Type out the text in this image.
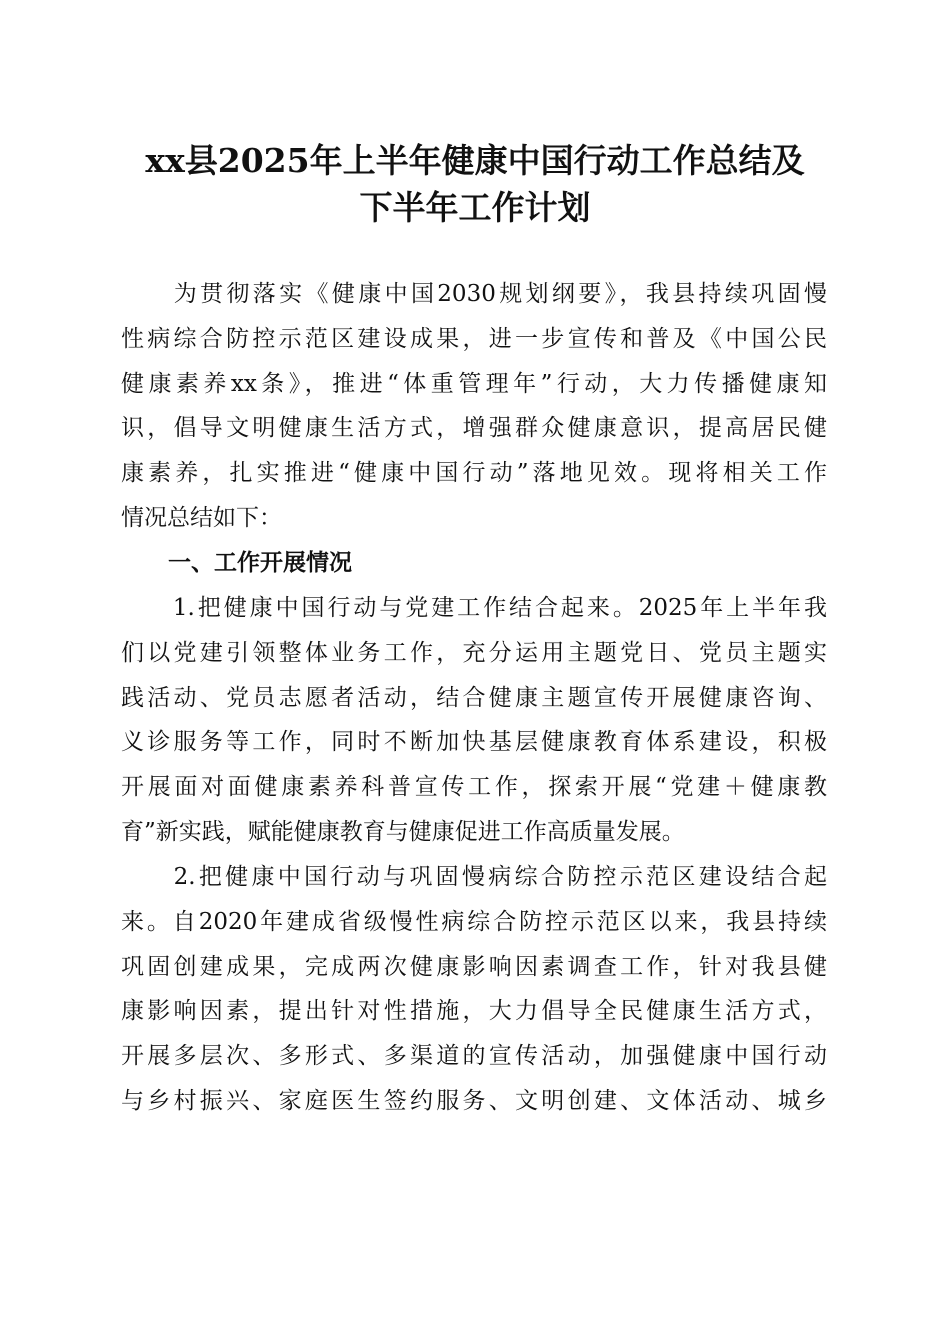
xx县2025年上半年健康中国行动工作总结及
下半年工作计划
　　为贯彻落实《健康中国2030规划纲要》，我县持续巩固慢
性病综合防控示范区建设成果，进一步宣传和普及《中国公民
健康素养xx条》，推进“体重管理年”行动，大力传播健康知
识，倡导文明健康生活方式，增强群众健康意识，提高居民健
康素养，扎实推进“健康中国行动”落地见效。现将相关工作
情况总结如下：
一、工作开展情况
　　1.把健康中国行动与党建工作结合起来。2025年上半年我
们以党建引领整体业务工作，充分运用主题党日、党员主题实
践活动、党员志愿者活动，结合健康主题宣传开展健康咨询、
义诊服务等工作，同时不断加快基层健康教育体系建设，积极
开展面对面健康素养科普宣传工作，探索开展“党建＋健康教
育”新实践，赋能健康教育与健康促进工作高质量发展。
　　2.把健康中国行动与巩固慢病综合防控示范区建设结合起
来。自2020年建成省级慢性病综合防控示范区以来，我县持续
巩固创建成果，完成两次健康影响因素调查工作，针对我县健
康影响因素，提出针对性措施，大力倡导全民健康生活方式，
开展多层次、多形式、多渠道的宣传活动，加强健康中国行动
与乡村振兴、家庭医生签约服务、文明创建、文体活动、城乡
